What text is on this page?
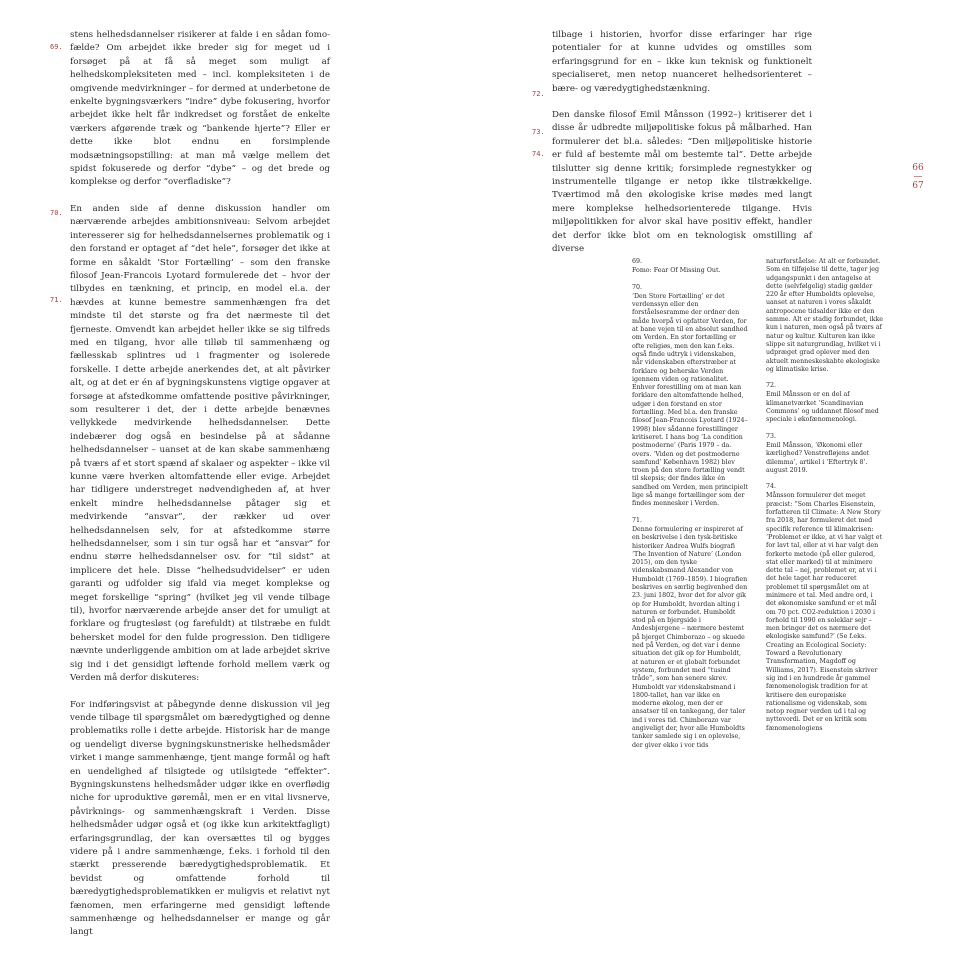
stens helhedsdannelser risikerer at falde i en sådan fomo-fælde? Om arbejdet ikke breder sig for meget ud i forsøget på at få så meget som muligt af helhedskompleksiteten med – incl. kompleksiteten i de omgivende medvirkninger – for dermed at underbetone de enkelte bygningsværkers “indre” dybe fokusering, hvorfor arbejdet ikke helt får indkredset og forstået de enkelte værkers afgørende træk og “bankende hjerte”? Eller er dette ikke blot endnu en forsimplende modsætningsopstilling: at man må vælge mellem det spidst fokuserede og derfor “dybe” – og det brede og komplekse og derfor “overfladiske”?

En anden side af denne diskussion handler om nærværende arbejdes ambitionsniveau: Selvom arbejdet interesserer sig for helhedsdannelsernes problematik og i den forstand er optaget af “det hele”, forsøger det ikke at forme en såkaldt ‘Stor Fortælling’ – som den franske filosof Jean-Francois Lyotard formulerede det – hvor der tilbydes en tænkning, et princip, en model el.a. der hævdes at kunne bemestre sammenhængen fra det mindste til det største og fra det nærmeste til det fjerneste. Omvendt kan arbejdet heller ikke se sig tilfreds med en tilgang, hvor alle tilløb til sammenhæng og fællesskab splintres ud i fragmenter og isolerede forskelle. I dette arbejde anerkendes det, at alt påvirker alt, og at det er én af bygningskunstens vigtige opgaver at forsøge at afstedkomme omfattende positive påvirkninger, som resulterer i det, der i dette arbejde benævnes vellykkede medvirkende helhedsdannelser. Dette indebærer dog også en besindelse på at sådanne helhedsdannelser – uanset at de kan skabe sammenhæng på tværs af et stort spænd af skalaer og aspekter – ikke vil kunne være hverken altomfattende eller evige. Arbejdet har tidligere understreget nødvendigheden af, at hver enkelt mindre helhedsdannelse påtager sig et medvirkende “ansvar”, der rækker ud over helhedsdannelsen selv, for at afstedkomme større helhedsdannelser, som i sin tur også har et “ansvar” for endnu større helhedsdannelser osv. for “til sidst” at implicere det hele. Disse “helhedsudvidelser” er uden garanti og udfolder sig ifald via meget komplekse og meget forskellige “spring” (hvilket jeg vil vende tilbage til), hvorfor nærværende arbejde anser det for umuligt at forklare og frugtesløst (og farefuldt) at tilstræbe en fuldt behersket model for den fulde progression. Den tidligere nævnte underliggende ambition om at lade arbejdet skrive sig ind i det gensidigt løftende forhold mellem værk og Verden må derfor diskuteres:

For indføringsvist at påbegynde denne diskussion vil jeg vende tilbage til spørgsmålet om bæredygtighed og denne problematiks rolle i dette arbejde. Historisk har de mange og uendeligt diverse bygningskunstneriske helhedsmåder virket i mange sammenhænge, tjent mange formål og haft en uendelighed af tilsigtede og utilsigtede “effekter”. Bygningskunstens helhedsmåder udgør ikke en overflødig niche for uproduktive gøremål, men er en vital livsnerve, påvirknings- og sammenhængskraft i Verden. Disse helhedsmåder udgør også et (og ikke kun arkitektfagligt) erfaringsgrundlag, der kan oversættes til og bygges videre på i andre sammenhænge, f.eks. i forhold til den stærkt presserende bæredygtighedsproblematik. Et bevidst og omfattende forhold til bæredygtighedsproblematikken er muligvis et relativt nyt fænomen, men erfaringerne med gensidigt løftende sammenhænge og helhedsdannelser er mange og går langt

69.
70.
71.
72.
73.
74.

tilbage i historien, hvorfor disse erfaringer har rige potentialer for at kunne udvides og omstilles som erfaringsgrund for en – ikke kun teknisk og funktionelt specialiseret, men netop nuanceret helhedsorienteret – bære- og væredygtighedstænkning.

Den danske filosof Emil Månsson (1992–) kritiserer det i disse år udbredte miljøpolitiske fokus på målbarhed. Han formulerer det bl.a. således: “Den miljøpolitiske historie er fuld af bestemte mål om bestemte tal”. Dette arbejde tilslutter sig denne kritik; forsimplede regnestykker og instrumentelle tilgange er netop ikke tilstrækkelige. Tværtimod må den økologiske krise mødes med langt mere komplekse helhedsorienterede tilgange. Hvis miljøpolitikken for alvor skal have positiv effekt, handler det derfor ikke blot om en teknologisk omstilling af diverse

66
—
67
69.
Fomo: Fear Of Missing Out.
70.
‘Den Store Fortælling’ er det verdenssyn eller den forståelsesramme der ordner den måde hvorpå vi opfatter Verden, for at bane vejen til en absolut sandhed om Verden. En stor fortælling er ofte religiøs, men den kan f.eks. også finde udtryk i videnskaben, når videnskaben efterstræber at forklare og beherske Verden igennem viden og rationalitet. Enhver forestilling om at man kan forklare den altomfattende helhed, udgør i den forstand en stor fortælling. Med bl.a. den franske filosof Jean-Francois Lyotard (1924–1998) blev sådanne forestillinger kritiseret. I hans bog ‘La condition postmoderne’ (Paris 1979 – da. overs. ‘Viden og det postmoderne samfund’ København 1982) blev troen på den store fortælling vendt til skepsis; der findes ikke én sandhed om Verden, men principielt lige så mange fortællinger som der findes mennesker i Verden.
71.
Denne formulering er inspireret af en beskrivelse i den tysk-britiske historiker Andrea Wulfs biografi ‘The Invention of Nature’ (London 2015), om den tyske videnskabsmand Alexander von Humboldt (1769–1859). I biografien beskrives en særlig begivenhed den 23. juni 1802, hvor det for alvor gik op for Humboldt, hvordan alting i naturen er forbundet. Humboldt stod på en bjergside i Andesbjergene – nærmere bestemt på bjerget Chimborazo – og skuede ned på Verden, og det var i denne situation det gik op for Humboldt, at naturen er et globalt forbundet system, forbundet med “tusind tråde”, som han senere skrev. Humboldt var videnskabsmand i 1800-tallet, han var ikke en moderne økolog, men der er ansatser til en tankegang, der taler ind i vores tid. Chimborazo var angiveligt der, hvor alle Humboldts tanker samlede sig i en oplevelse, der giver ekko i vor tids
naturforståelse: At alt er forbundet. Som en tilføjelse til dette, tager jeg udgangspunkt i den antagelse at dette (selvfølgelig) stadig gælder 220 år efter Humboldts oplevelse, uanset at naturen i vores såkaldt antropocene tidsalder ikke er den samme. Alt er stadig forbundet, ikke kun i naturen, men også på tværs af natur og kultur. Kulturen kan ikke slippe sit naturgrundlag, hvilket vi i udpræget grad oplever med den aktuelt menneskeskabte økologiske og klimatiske krise.
72.
Emil Månsson er en del af klimanetværket ‘Scandinavian Commons’ og uddannet filosof med speciale i økofænomenologi.
73.
Emil Månsson, ‘Økonomi eller kærlighed? Venstrefløjens andet dilemma’, artikel i ‘Eftertryk 8’. august 2019.
74.
Månsson formulerer det meget præcist: “Som Charles Eisenstein, forfatteren til Climate: A New Story fra 2018, har formuleret det med specifik reference til klimakrisen: ‘Problemet er ikke, at vi har valgt et for lavt tal, eller at vi har valgt den forkerte metode (på eller gulerod, stat eller marked) til at minimere dette tal – nej, problemet er, at vi i det hele taget har reduceret problemet til spørgsmålet om at minimere et tal. Med andre ord, i det økonomiske samfund er et mål om 70 pct. CO2-reduktion i 2030 i forhold til 1990 en soleklar sejr – men bringer det os nærmere det økologiske samfund?’ (Se f.eks. Creating an Ecological Society: Toward a Revolutionary Transformation, Magdoff og Williams, 2017). Eisenstein skriver sig ind i en hundrede år gammel fænomenologisk tradition for at kritisere den europæiske rationalisme og videnskab, som netop regner verden ud i tal og nyttevordi. Det er en kritik som fænomenologiens
